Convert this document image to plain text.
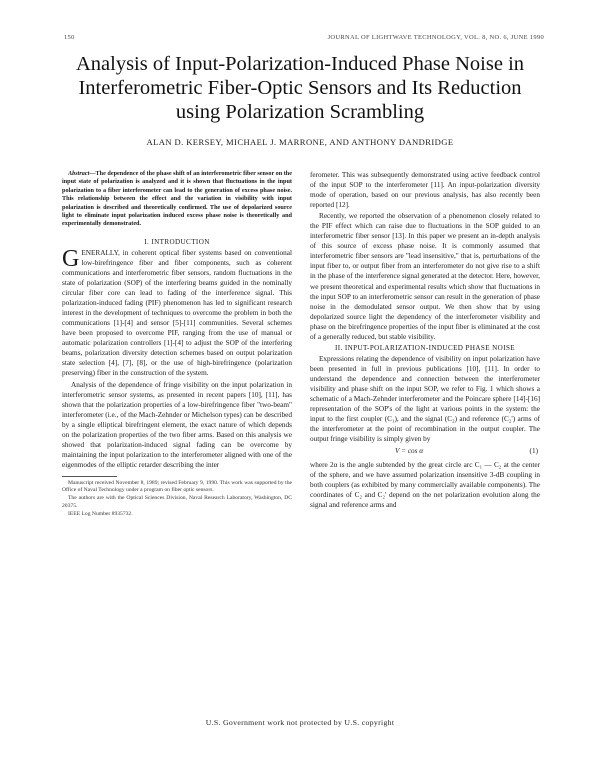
150	JOURNAL OF LIGHTWAVE TECHNOLOGY, VOL. 8, NO. 6, JUNE 1990
Analysis of Input-Polarization-Induced Phase Noise in Interferometric Fiber-Optic Sensors and Its Reduction using Polarization Scrambling
ALAN D. KERSEY, MICHAEL J. MARRONE, AND ANTHONY DANDRIDGE

Abstract—The dependence of the phase shift of an interferometric fiber sensor on the input state of polarization is analyzed and it is shown that fluctuations in the input polarization to a fiber interferometer can lead to the generation of excess phase noise. This relationship between the effect and the variation in visibility with input polarization is described and theoretically confirmed. The use of depolarized source light to eliminate input polarization induced excess phase noise is theoretically and experimentally demonstrated.

I. INTRODUCTION

GENERALLY, in coherent optical fiber systems based on conventional low-birefringence fiber and fiber components, such as coherent communications and interferometric fiber sensors, random fluctuations in the state of polarization (SOP) of the interfering beams guided in the nominally circular fiber core can lead to fading of the interference signal. This polarization-induced fading (PIF) phenomenon has led to significant research interest in the development of techniques to overcome the problem in both the communications [1]-[4] and sensor [5]-[11] communities. Several schemes have been proposed to overcome PIF, ranging from the use of manual or automatic polarization controllers [1]-[4] to adjust the SOP of the interfering beams, polarization diversity detection schemes based on output polarization state selection [4], [7], [8], or the use of high-birefringence (polarization preserving) fiber in the construction of the system.

Analysis of the dependence of fringe visibility on the input polarization in interferometric sensor systems, as presented in recent papers [10], [11], has shown that the polarization properties of a low-birefringence fiber "two-beam" interferometer (i.e., of the Mach-Zehnder or Michelson types) can be described by a single elliptical birefringent element, the exact nature of which depends on the polarization properties of the two fiber arms. Based on this analysis we showed that polarization-induced signal fading can be overcome by maintaining the input polarization to the interferometer aligned with one of the eigenmodes of the elliptic retarder describing the inter

Manuscript received November 8, 1989; revised February 9, 1990. This work was supported by the Office of Naval Technology under a program on fiber optic sensors.

The authors are with the Optical Sciences Division, Naval Research Laboratory, Washington, DC 20375.

IEEE Log Number 8935732.

ferometer. This was subsequently demonstrated using active feedback control of the input SOP to the interferometer [11]. An input-polarization diversity mode of operation, based on our previous analysis, has also recently been reported [12].

Recently, we reported the observation of a phenomenon closely related to the PIF effect which can raise due to fluctuations in the SOP guided to an interferometric fiber sensor [13]. In this paper we present an in-depth analysis of this source of excess phase noise. It is commonly assumed that interferometric fiber sensors are "lead insensitive," that is, perturbations of the input fiber to, or output fiber from an interferometer do not give rise to a shift in the phase of the interference signal generated at the detector. Here, however, we present theoretical and experimental results which show that fluctuations in the input SOP to an interferometric sensor can result in the generation of phase noise in the demodulated sensor output. We then show that by using depolarized source light the dependency of the interferometer visibility and phase on the birefringence properties of the input fiber is eliminated at the cost of a generally reduced, but stable visibility.

II. INPUT-POLARIZATION-INDUCED PHASE NOISE

Expressions relating the dependence of visibility on input polarization have been presented in full in previous publications [10], [11]. In order to understand the dependence and connection between the interferometer visibility and phase shift on the input SOP, we refer to Fig. 1 which shows a schematic of a Mach-Zehnder interferometer and the Poincare sphere [14]-[16] representation of the SOP's of the light at various points in the system: the input to the first coupler (C₁), and the signal (C₂) and reference (C₂') arms of the interferometer at the point of recombination in the output coupler. The output fringe visibility is simply given by

V = cos α	(1)

where 2α is the angle subtended by the great circle arc C₁ — C₂ at the center of the sphere, and we have assumed polarization insensitive 3-dB coupling in both couplers (as exhibited by many commercially available components). The coordinates of C₂ and C₂' depend on the net polarization evolution along the signal and reference arms and

U.S. Government work not protected by U.S. copyright
